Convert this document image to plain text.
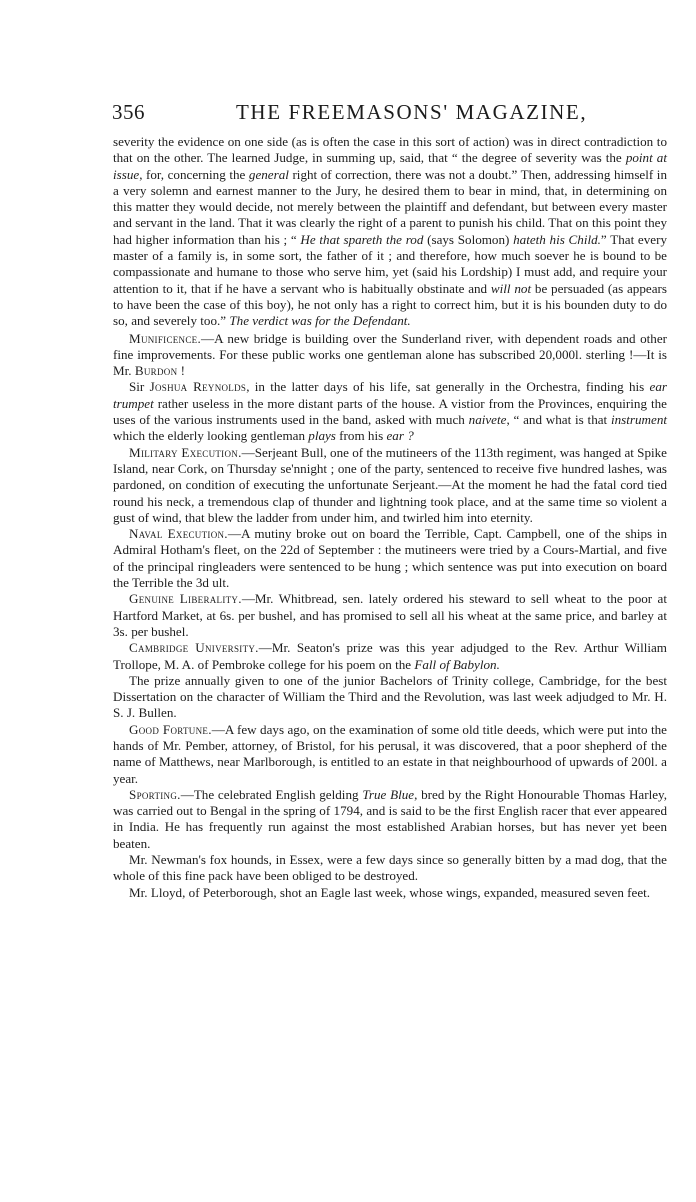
356	THE FREEMASONS' MAGAZINE,

severity the evidence on one side (as is often the case in this sort of action) was in direct contradiction to that on the other. The learned Judge, in summing up, said, that “ the degree of severity was the point at issue, for, concerning the general right of correction, there was not a doubt.” Then, addressing himself in a very solemn and earnest manner to the Jury, he desired them to bear in mind, that, in determining on this matter they would decide, not merely between the plaintiff and defendant, but between every master and servant in the land. That it was clearly the right of a parent to punish his child. That on this point they had higher information than his ; “ He that spareth the rod (says Solomon) hateth his Child.” That every master of a family is, in some sort, the father of it ; and therefore, how much soever he is bound to be compassionate and humane to those who serve him, yet (said his Lordship) I must add, and require your attention to it, that if he have a servant who is habitually obstinate and will not be persuaded (as appears to have been the case of this boy), he not only has a right to correct him, but it is his bounden duty to do so, and severely too.” The verdict was for the Defendant.

Munificence.—A new bridge is building over the Sunderland river, with dependent roads and other fine improvements. For these public works one gentleman alone has subscribed 20,000l. sterling !—It is Mr. Burdon !

Sir Joshua Reynolds, in the latter days of his life, sat generally in the Orchestra, finding his ear trumpet rather useless in the more distant parts of the house. A vistior from the Provinces, enquiring the uses of the various instruments used in the band, asked with much naivete, “ and what is that instrument which the elderly looking gentleman plays from his ear ?

Military Execution.—Serjeant Bull, one of the mutineers of the 113th regiment, was hanged at Spike Island, near Cork, on Thursday se'nnight ; one of the party, sentenced to receive five hundred lashes, was pardoned, on condition of executing the unfortunate Serjeant.—At the moment he had the fatal cord tied round his neck, a tremendous clap of thunder and lightning took place, and at the same time so violent a gust of wind, that blew the ladder from under him, and twirled him into eternity.

Naval Execution.—A mutiny broke out on board the Terrible, Capt. Campbell, one of the ships in Admiral Hotham's fleet, on the 22d of September : the mutineers were tried by a Cours-Martial, and five of the principal ringleaders were sentenced to be hung ; which sentence was put into execution on board the Terrible the 3d ult.

Genuine Liberality.—Mr. Whitbread, sen. lately ordered his steward to sell wheat to the poor at Hartford Market, at 6s. per bushel, and has promised to sell all his wheat at the same price, and barley at 3s. per bushel.

Cambridge University.—Mr. Seaton's prize was this year adjudged to the Rev. Arthur William Trollope, M. A. of Pembroke college for his poem on the Fall of Babylon.

The prize annually given to one of the junior Bachelors of Trinity college, Cambridge, for the best Dissertation on the character of William the Third and the Revolution, was last week adjudged to Mr. H. S. J. Bullen.

Good Fortune.—A few days ago, on the examination of some old title deeds, which were put into the hands of Mr. Pember, attorney, of Bristol, for his perusal, it was discovered, that a poor shepherd of the name of Matthews, near Marlborough, is entitled to an estate in that neighbourhood of upwards of 200l. a year.

Sporting.—The celebrated English gelding True Blue, bred by the Right Honourable Thomas Harley, was carried out to Bengal in the spring of 1794, and is said to be the first English racer that ever appeared in India. He has frequently run against the most established Arabian horses, but has never yet been beaten.

Mr. Newman's fox hounds, in Essex, were a few days since so generally bitten by a mad dog, that the whole of this fine pack have been obliged to be destroyed.

Mr. Lloyd, of Peterborough, shot an Eagle last week, whose wings, expanded, measured seven feet.
